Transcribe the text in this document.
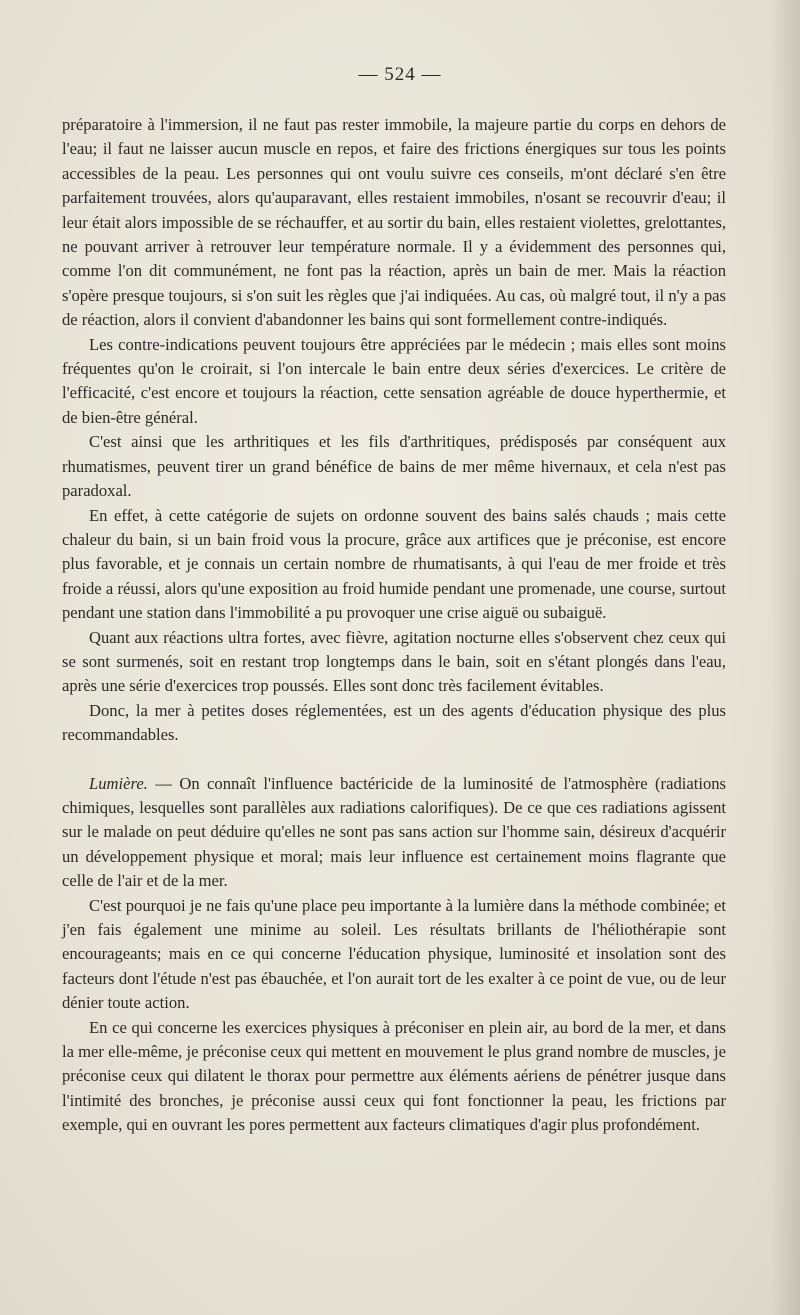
— 524 —

préparatoire à l'immersion, il ne faut pas rester immobile, la majeure partie du corps en dehors de l'eau; il faut ne laisser aucun muscle en repos, et faire des frictions énergiques sur tous les points accessibles de la peau. Les personnes qui ont voulu suivre ces conseils, m'ont déclaré s'en être parfaitement trouvées, alors qu'auparavant, elles restaient immobiles, n'osant se recouvrir d'eau; il leur était alors impossible de se réchauffer, et au sortir du bain, elles restaient violettes, grelottantes, ne pouvant arriver à retrouver leur température normale. Il y a évidemment des personnes qui, comme l'on dit communément, ne font pas la réaction, après un bain de mer. Mais la réaction s'opère presque toujours, si s'on suit les règles que j'ai indiquées. Au cas, où malgré tout, il n'y a pas de réaction, alors il convient d'abandonner les bains qui sont formellement contre-indiqués.

Les contre-indications peuvent toujours être appréciées par le médecin ; mais elles sont moins fréquentes qu'on le croirait, si l'on intercale le bain entre deux séries d'exercices. Le critère de l'efficacité, c'est encore et toujours la réaction, cette sensation agréable de douce hyperthermie, et de bien-être général.

C'est ainsi que les arthritiques et les fils d'arthritiques, prédisposés par conséquent aux rhumatismes, peuvent tirer un grand bénéfice de bains de mer même hivernaux, et cela n'est pas paradoxal.

En effet, à cette catégorie de sujets on ordonne souvent des bains salés chauds ; mais cette chaleur du bain, si un bain froid vous la procure, grâce aux artifices que je préconise, est encore plus favorable, et je connais un certain nombre de rhumatisants, à qui l'eau de mer froide et très froide a réussi, alors qu'une exposition au froid humide pendant une promenade, une course, surtout pendant une station dans l'immobilité a pu provoquer une crise aiguë ou subaiguë.

Quant aux réactions ultra fortes, avec fièvre, agitation nocturne elles s'observent chez ceux qui se sont surmenés, soit en restant trop longtemps dans le bain, soit en s'étant plongés dans l'eau, après une série d'exercices trop poussés. Elles sont donc très facilement évitables.

Donc, la mer à petites doses réglementées, est un des agents d'éducation physique des plus recommandables.

Lumière. — On connaît l'influence bactéricide de la luminosité de l'atmosphère (radiations chimiques, lesquelles sont parallèles aux radiations calorifiques). De ce que ces radiations agissent sur le malade on peut déduire qu'elles ne sont pas sans action sur l'homme sain, désireux d'acquérir un développement physique et moral; mais leur influence est certainement moins flagrante que celle de l'air et de la mer.

C'est pourquoi je ne fais qu'une place peu importante à la lumière dans la méthode combinée; et j'en fais également une minime au soleil. Les résultats brillants de l'héliothérapie sont encourageants; mais en ce qui concerne l'éducation physique, luminosité et insolation sont des facteurs dont l'étude n'est pas ébauchée, et l'on aurait tort de les exalter à ce point de vue, ou de leur dénier toute action.

En ce qui concerne les exercices physiques à préconiser en plein air, au bord de la mer, et dans la mer elle-même, je préconise ceux qui mettent en mouvement le plus grand nombre de muscles, je préconise ceux qui dilatent le thorax pour permettre aux éléments aériens de pénétrer jusque dans l'intimité des bronches, je préconise aussi ceux qui font fonctionner la peau, les frictions par exemple, qui en ouvrant les pores permettent aux facteurs climatiques d'agir plus profondément.
